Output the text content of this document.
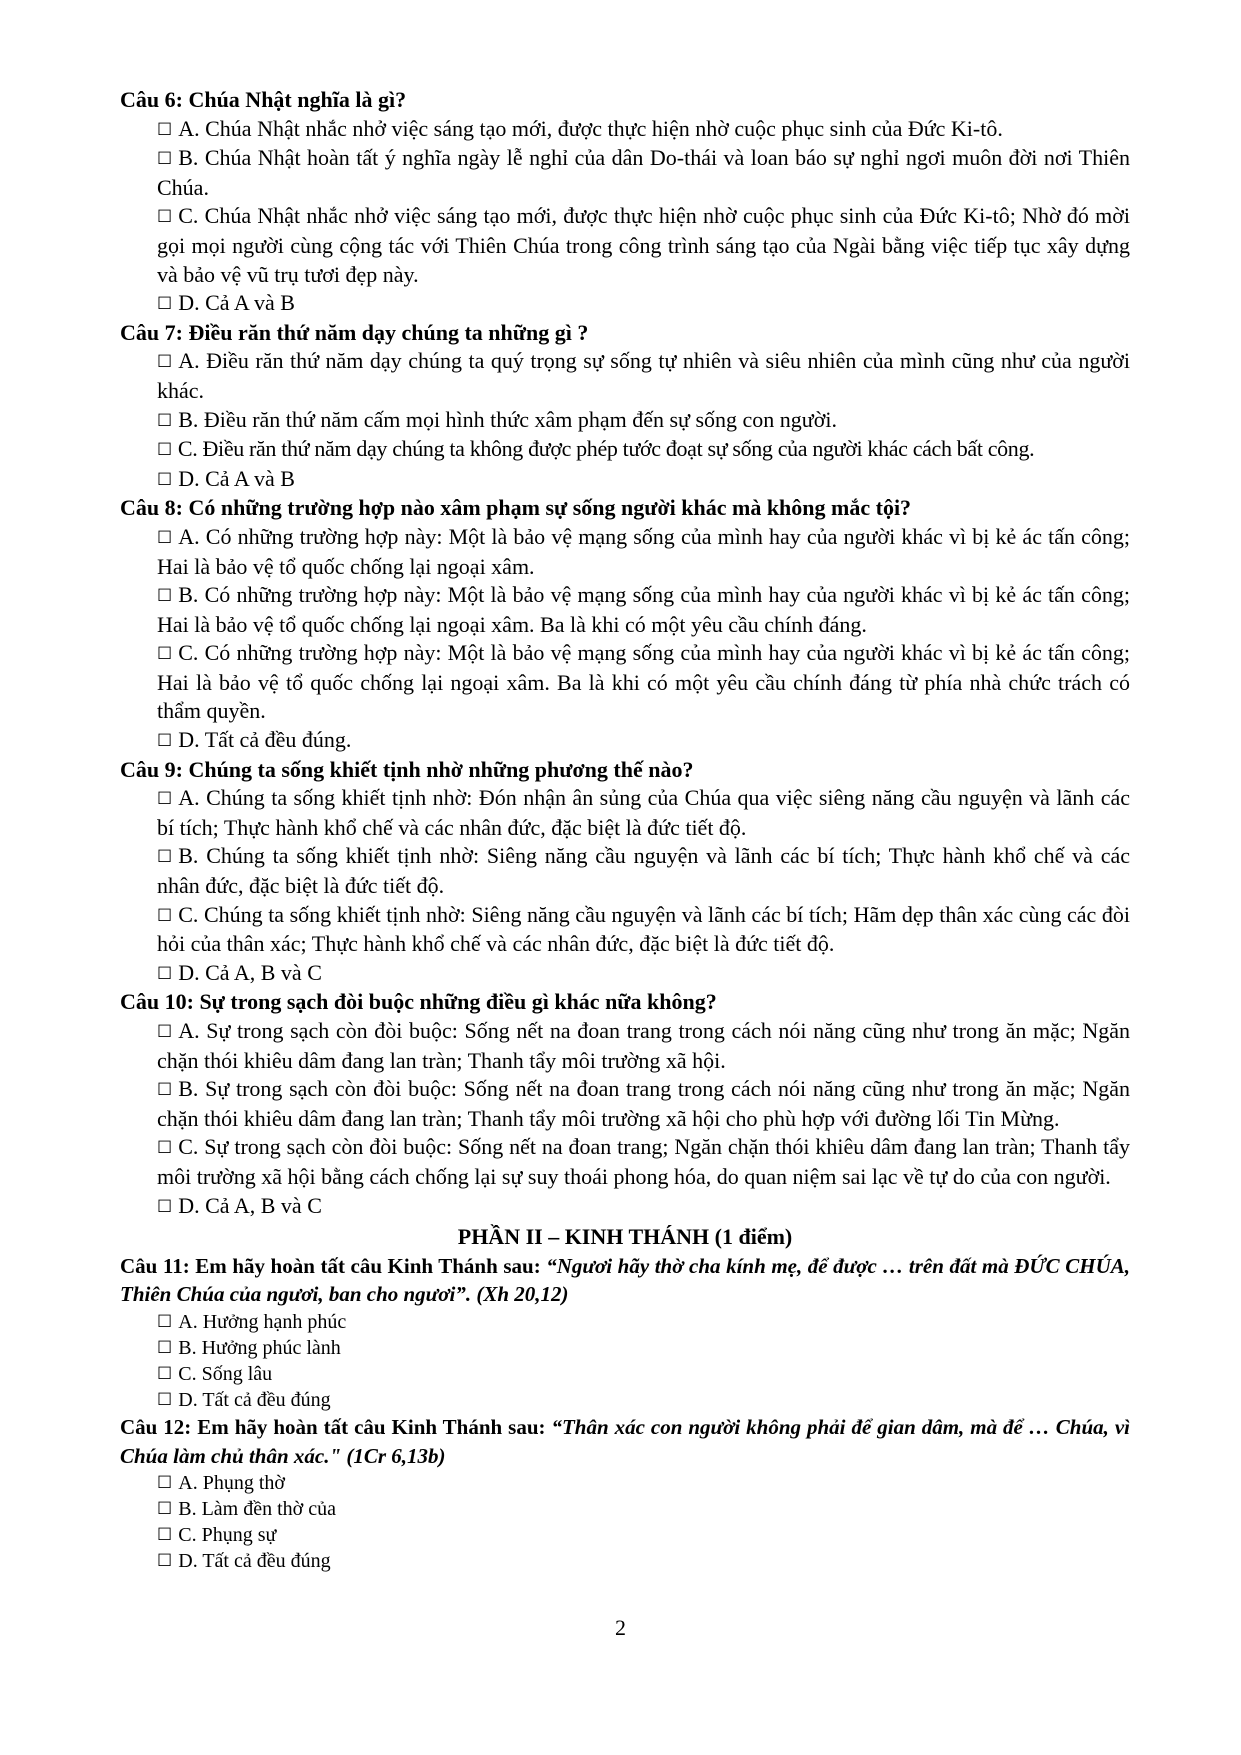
Câu 6: Chúa Nhật nghĩa là gì?

☐ A. Chúa Nhật nhắc nhở việc sáng tạo mới, được thực hiện nhờ cuộc phục sinh của Đức Ki-tô.

☐ B. Chúa Nhật hoàn tất ý nghĩa ngày lễ nghỉ của dân Do-thái và loan báo sự nghỉ ngơi muôn đời nơi Thiên Chúa.

☐ C. Chúa Nhật nhắc nhở việc sáng tạo mới, được thực hiện nhờ cuộc phục sinh của Đức Ki-tô; Nhờ đó mời gọi mọi người cùng cộng tác với Thiên Chúa trong công trình sáng tạo của Ngài bằng việc tiếp tục xây dựng và bảo vệ vũ trụ tươi đẹp này.

☐ D. Cả A và B

Câu 7: Điều răn thứ năm dạy chúng ta những gì ?

☐ A. Điều răn thứ năm dạy chúng ta quý trọng sự sống tự nhiên và siêu nhiên của mình cũng như của người khác.

☐ B. Điều răn thứ năm cấm mọi hình thức xâm phạm đến sự sống con người.

☐ C. Điều răn thứ năm dạy chúng ta không được phép tước đoạt sự sống của người khác cách bất công.

☐ D. Cả A và B

Câu 8: Có những trường hợp nào xâm phạm sự sống người khác mà không mắc tội?

☐ A. Có những trường hợp này: Một là bảo vệ mạng sống của mình hay của người khác vì bị kẻ ác tấn công; Hai là bảo vệ tổ quốc chống lại ngoại xâm.

☐ B. Có những trường hợp này: Một là bảo vệ mạng sống của mình hay của người khác vì bị kẻ ác tấn công; Hai là bảo vệ tổ quốc chống lại ngoại xâm. Ba là khi có một yêu cầu chính đáng.

☐ C. Có những trường hợp này: Một là bảo vệ mạng sống của mình hay của người khác vì bị kẻ ác tấn công; Hai là bảo vệ tổ quốc chống lại ngoại xâm. Ba là khi có một yêu cầu chính đáng từ phía nhà chức trách có thẩm quyền.

☐ D. Tất cả đều đúng.

Câu 9: Chúng ta sống khiết tịnh nhờ những phương thế nào?

☐ A. Chúng ta sống khiết tịnh nhờ: Đón nhận ân sủng của Chúa qua việc siêng năng cầu nguyện và lãnh các bí tích; Thực hành khổ chế và các nhân đức, đặc biệt là đức tiết độ.

☐ B. Chúng ta sống khiết tịnh nhờ: Siêng năng cầu nguyện và lãnh các bí tích; Thực hành khổ chế và các nhân đức, đặc biệt là đức tiết độ.

☐ C. Chúng ta sống khiết tịnh nhờ: Siêng năng cầu nguyện và lãnh các bí tích; Hãm dẹp thân xác cùng các đòi hỏi của thân xác; Thực hành khổ chế và các nhân đức, đặc biệt là đức tiết độ.

☐ D. Cả A, B và C

Câu 10: Sự trong sạch đòi buộc những điều gì khác nữa không?

☐ A. Sự trong sạch còn đòi buộc: Sống nết na đoan trang trong cách nói năng cũng như trong ăn mặc; Ngăn chặn thói khiêu dâm đang lan tràn; Thanh tẩy môi trường xã hội.

☐ B. Sự trong sạch còn đòi buộc: Sống nết na đoan trang trong cách nói năng cũng như trong ăn mặc; Ngăn chặn thói khiêu dâm đang lan tràn; Thanh tẩy môi trường xã hội cho phù hợp với đường lối Tin Mừng.

☐ C. Sự trong sạch còn đòi buộc: Sống nết na đoan trang; Ngăn chặn thói khiêu dâm đang lan tràn; Thanh tẩy môi trường xã hội bằng cách chống lại sự suy thoái phong hóa, do quan niệm sai lạc về tự do của con người.

☐ D. Cả A, B và C

PHẦN II – KINH THÁNH (1 điểm)

Câu 11: Em hãy hoàn tất câu Kinh Thánh sau: “Ngươi hãy thờ cha kính mẹ, để được … trên đất mà ĐỨC CHÚA, Thiên Chúa của ngươi, ban cho ngươi”. (Xh 20,12)

☐ A. Hưởng hạnh phúc

☐ B. Hưởng phúc lành

☐ C. Sống lâu

☐ D. Tất cả đều đúng

Câu 12: Em hãy hoàn tất câu Kinh Thánh sau: “Thân xác con người không phải để gian dâm, mà để … Chúa, vì Chúa làm chủ thân xác." (1Cr 6,13b)

☐ A. Phụng thờ

☐ B. Làm đền thờ của

☐ C. Phụng sự

☐ D. Tất cả đều đúng

2
